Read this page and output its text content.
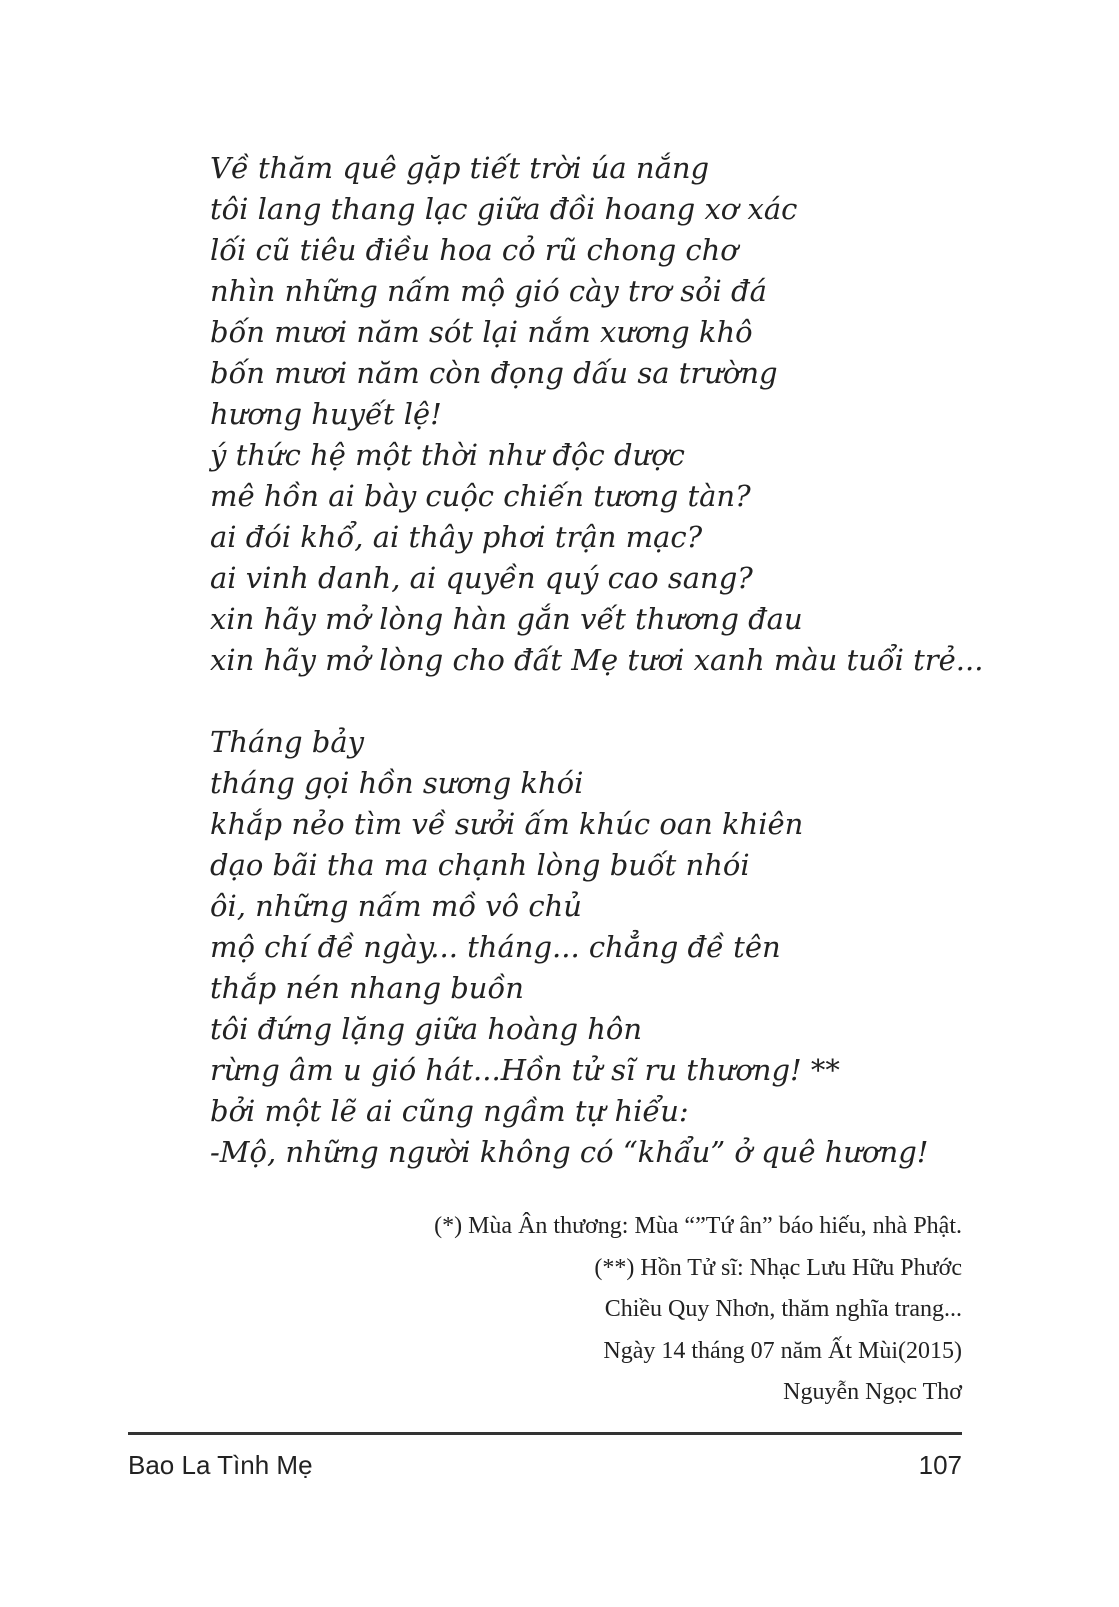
Về thăm quê gặp tiết trời úa nắng
tôi lang thang lạc giữa đồi hoang xơ xác
lối cũ tiêu điều hoa cỏ rũ chong chơ
nhìn những nấm mộ gió cày trơ sỏi đá
bốn mươi năm sót lại nắm xương khô
bốn mươi năm còn đọng dấu sa trường
hương huyết lệ!
ý thức hệ một thời như độc dược
mê hồn ai bày cuộc chiến tương tàn?
ai đói khổ, ai thây phơi trận mạc?
ai vinh danh, ai quyền quý cao sang?
xin hãy mở lòng hàn gắn vết thương đau
xin hãy mở lòng cho đất Mẹ tươi xanh màu tuổi trẻ...
Tháng bảy
tháng gọi hồn sương khói
khắp nẻo tìm về sưởi ấm khúc oan khiên
dạo bãi tha ma chạnh lòng buốt nhói
ôi, những nấm mồ vô chủ
mộ chí đề ngày... tháng... chẳng đề tên
thắp nén nhang buồn
tôi đứng lặng giữa hoàng hôn
rừng âm u gió hát...Hồn tử sĩ ru thương! **
bởi một lẽ ai cũng ngầm tự hiểu:
-Mộ, những người không có “khẩu” ở quê hương!
(*) Mùa Ân thương: Mùa “”Tứ ân” báo hiếu, nhà Phật.
(**) Hồn Tử sĩ: Nhạc Lưu Hữu Phước
Chiều Quy Nhơn, thăm nghĩa trang...
Ngày 14 tháng 07 năm Ất Mùi(2015)
Nguyễn Ngọc Thơ
Bao La Tình Mẹ	107
